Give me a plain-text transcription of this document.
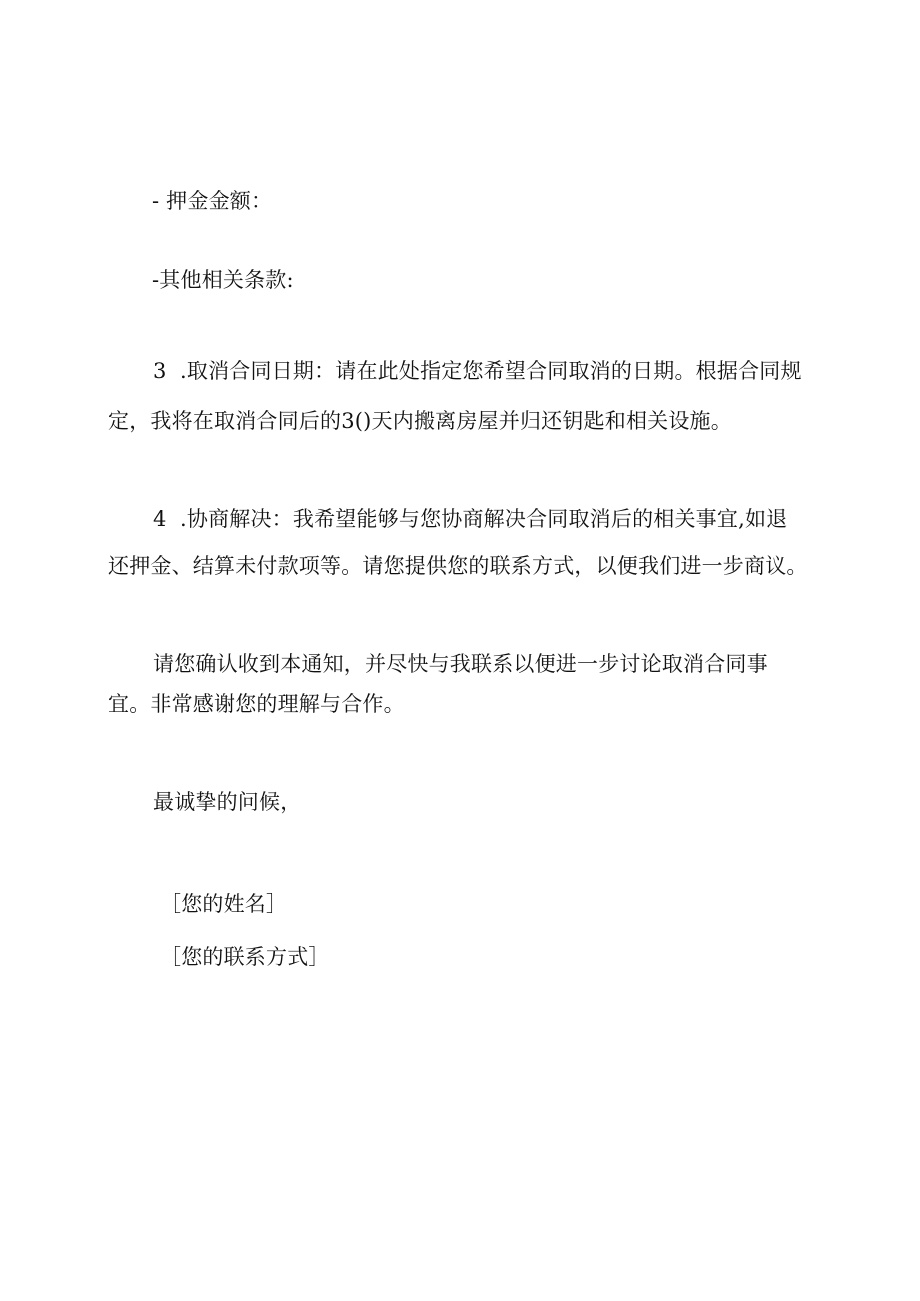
- 押金金额：
-其他相关条款:
3 .取消合同日期：请在此处指定您希望合同取消的日期。根据合同规
定，我将在取消合同后的3()天内搬离房屋并归还钥匙和相关设施。
4 .协商解决：我希望能够与您协商解决合同取消后的相关事宜,如退
还押金、结算未付款项等。请您提供您的联系方式，以便我们进一步商议。
请您确认收到本通知，并尽快与我联系以便进一步讨论取消合同事
宜。非常感谢您的理解与合作。
最诚挚的问候，
［您的姓名］
［您的联系方式］
